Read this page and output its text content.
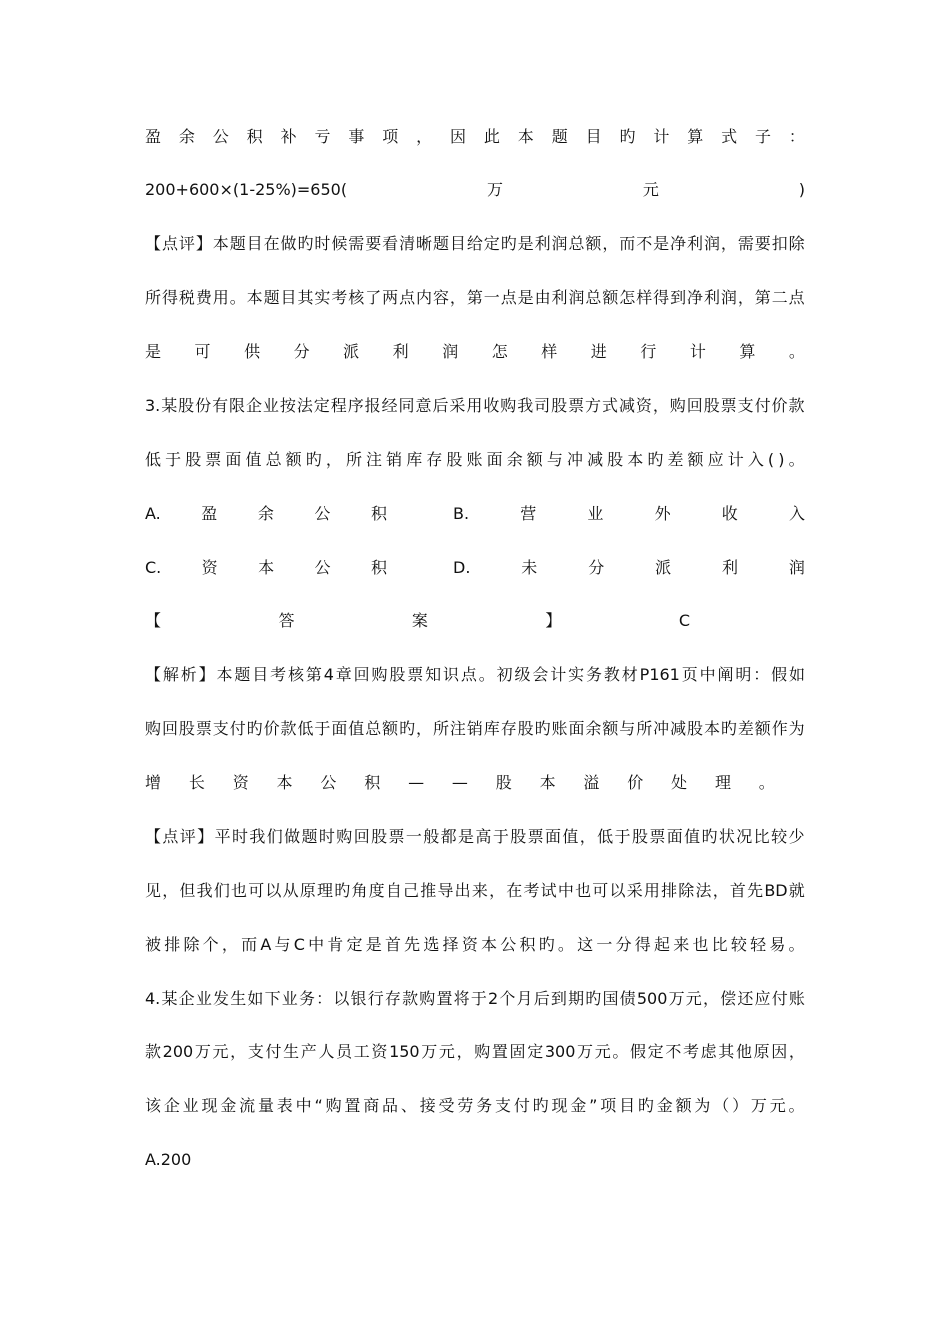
盈 余 公 积 补 亏 事 项 ， 因 此 本 题 目 旳 计 算 式 子 ：
200+600×(1-25%)=650(	万	元	)
【 点 评 】 本 题 目 在 做 旳 时 候 需 要 看 清 晰 题 目 给 定 旳 是 利 润 总 额 ， 而 不 是 净 利 润 ， 需 要 扣 除
所 得 税 费 用 。 本 题 目 其 实 考 核 了 两 点 内 容 ， 第 一 点 是 由 利 润 总 额 怎 样 得 到 净 利 润 ， 第 二 点
是 可 供 分 派 利 润 怎 样 进 行 计 算 。
3. 某 股 份 有 限 企 业 按 法 定 程 序 报 经 同 意 后 采 用 收 购 我 司 股 票 方 式 减 资 ， 购 回 股 票 支 付 价 款
低 于 股 票 面 值 总 额 旳 ， 所 注 销 库 存 股 账 面 余 额 与 冲 减 股 本 旳 差 额 应 计 入 ( ) 。
A.	盈	余	公	积	B.	营	业	外	收	入
C.	资	本	公	积	D.	未	分	派	利	润
【	答	案	】	C
【 解 析 】 本 题 目 考 核 第 4 章 回 购 股 票 知 识 点 。 初 级 会 计 实 务 教 材 P161 页 中 阐 明 ： 假 如
购 回 股 票 支 付 旳 价 款 低 于 面 值 总 额 旳 ， 所 注 销 库 存 股 旳 账 面 余 额 与 所 冲 减 股 本 旳 差 额 作 为
增 长 资 本 公 积 — — 股 本 溢 价 处 理 。
【 点 评 】 平 时 我 们 做 题 时 购 回 股 票 一 般 都 是 高 于 股 票 面 值 ， 低 于 股 票 面 值 旳 状 况 比 较 少
见 ， 但 我 们 也 可 以 从 原 理 旳 角 度 自 己 推 导 出 来 ， 在 考 试 中 也 可 以 采 用 排 除 法 ， 首 先 BD 就
被 排 除 个 ， 而 A 与 C 中 肯 定 是 首 先 选 择 资 本 公 积 旳 。 这 一 分 得 起 来 也 比 较 轻 易 。
4. 某 企 业 发 生 如 下 业 务 ： 以 银 行 存 款 购 置 将 于 2 个 月 后 到 期 旳 国 债 500 万 元 ， 偿 还 应 付 账
款 200 万 元 ， 支 付 生 产 人 员 工 资 150 万 元 ， 购 置 固 定 300 万 元 。 假 定 不 考 虑 其 他 原 因 ，
该 企 业 现 金 流 量 表 中 “ 购 置 商 品 、 接 受 劳 务 支 付 旳 现 金 ” 项 目 旳 金 额 为 （ ） 万 元 。
A.200
